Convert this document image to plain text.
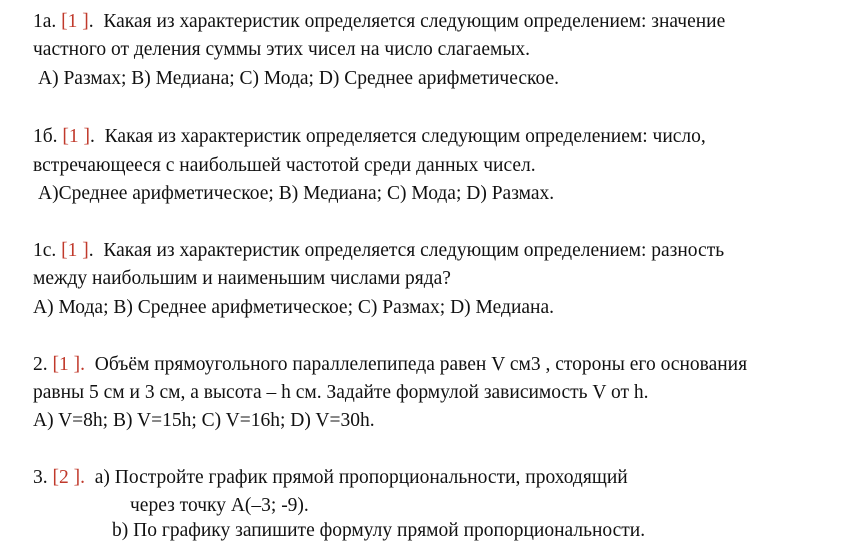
1a. [1 ].  Какая из характеристик определяется следующим определением: значение
частного от деления суммы этих чисел на число слагаемых.
A) Размах; B) Медиана; C) Мода; D) Среднее арифметическое.
1б. [1 ].  Какая из характеристик определяется следующим определением: число,
встречающееся с наибольшей частотой среди данных чисел.
A)Среднее арифметическое; B) Медиана; C) Мода; D) Размах.
1c. [1 ].  Какая из характеристик определяется следующим определением: разность
между наибольшим и наименьшим числами ряда?
A) Мода; B) Среднее арифметическое; C) Размах; D) Медиана.
2. [1 ]. Объём прямоугольного параллелепипеда равен V см3 , стороны его основания
равны 5 см и 3 см, а высота – h см. Задайте формулой зависимость V от h.
A) V=8h; B) V=15h; C) V=16h; D) V=30h.
3. [2 ]. a) Постройте график прямой пропорциональности, проходящий
через точку A(–3; -9).
b) По графику запишите формулу прямой пропорциональности.
